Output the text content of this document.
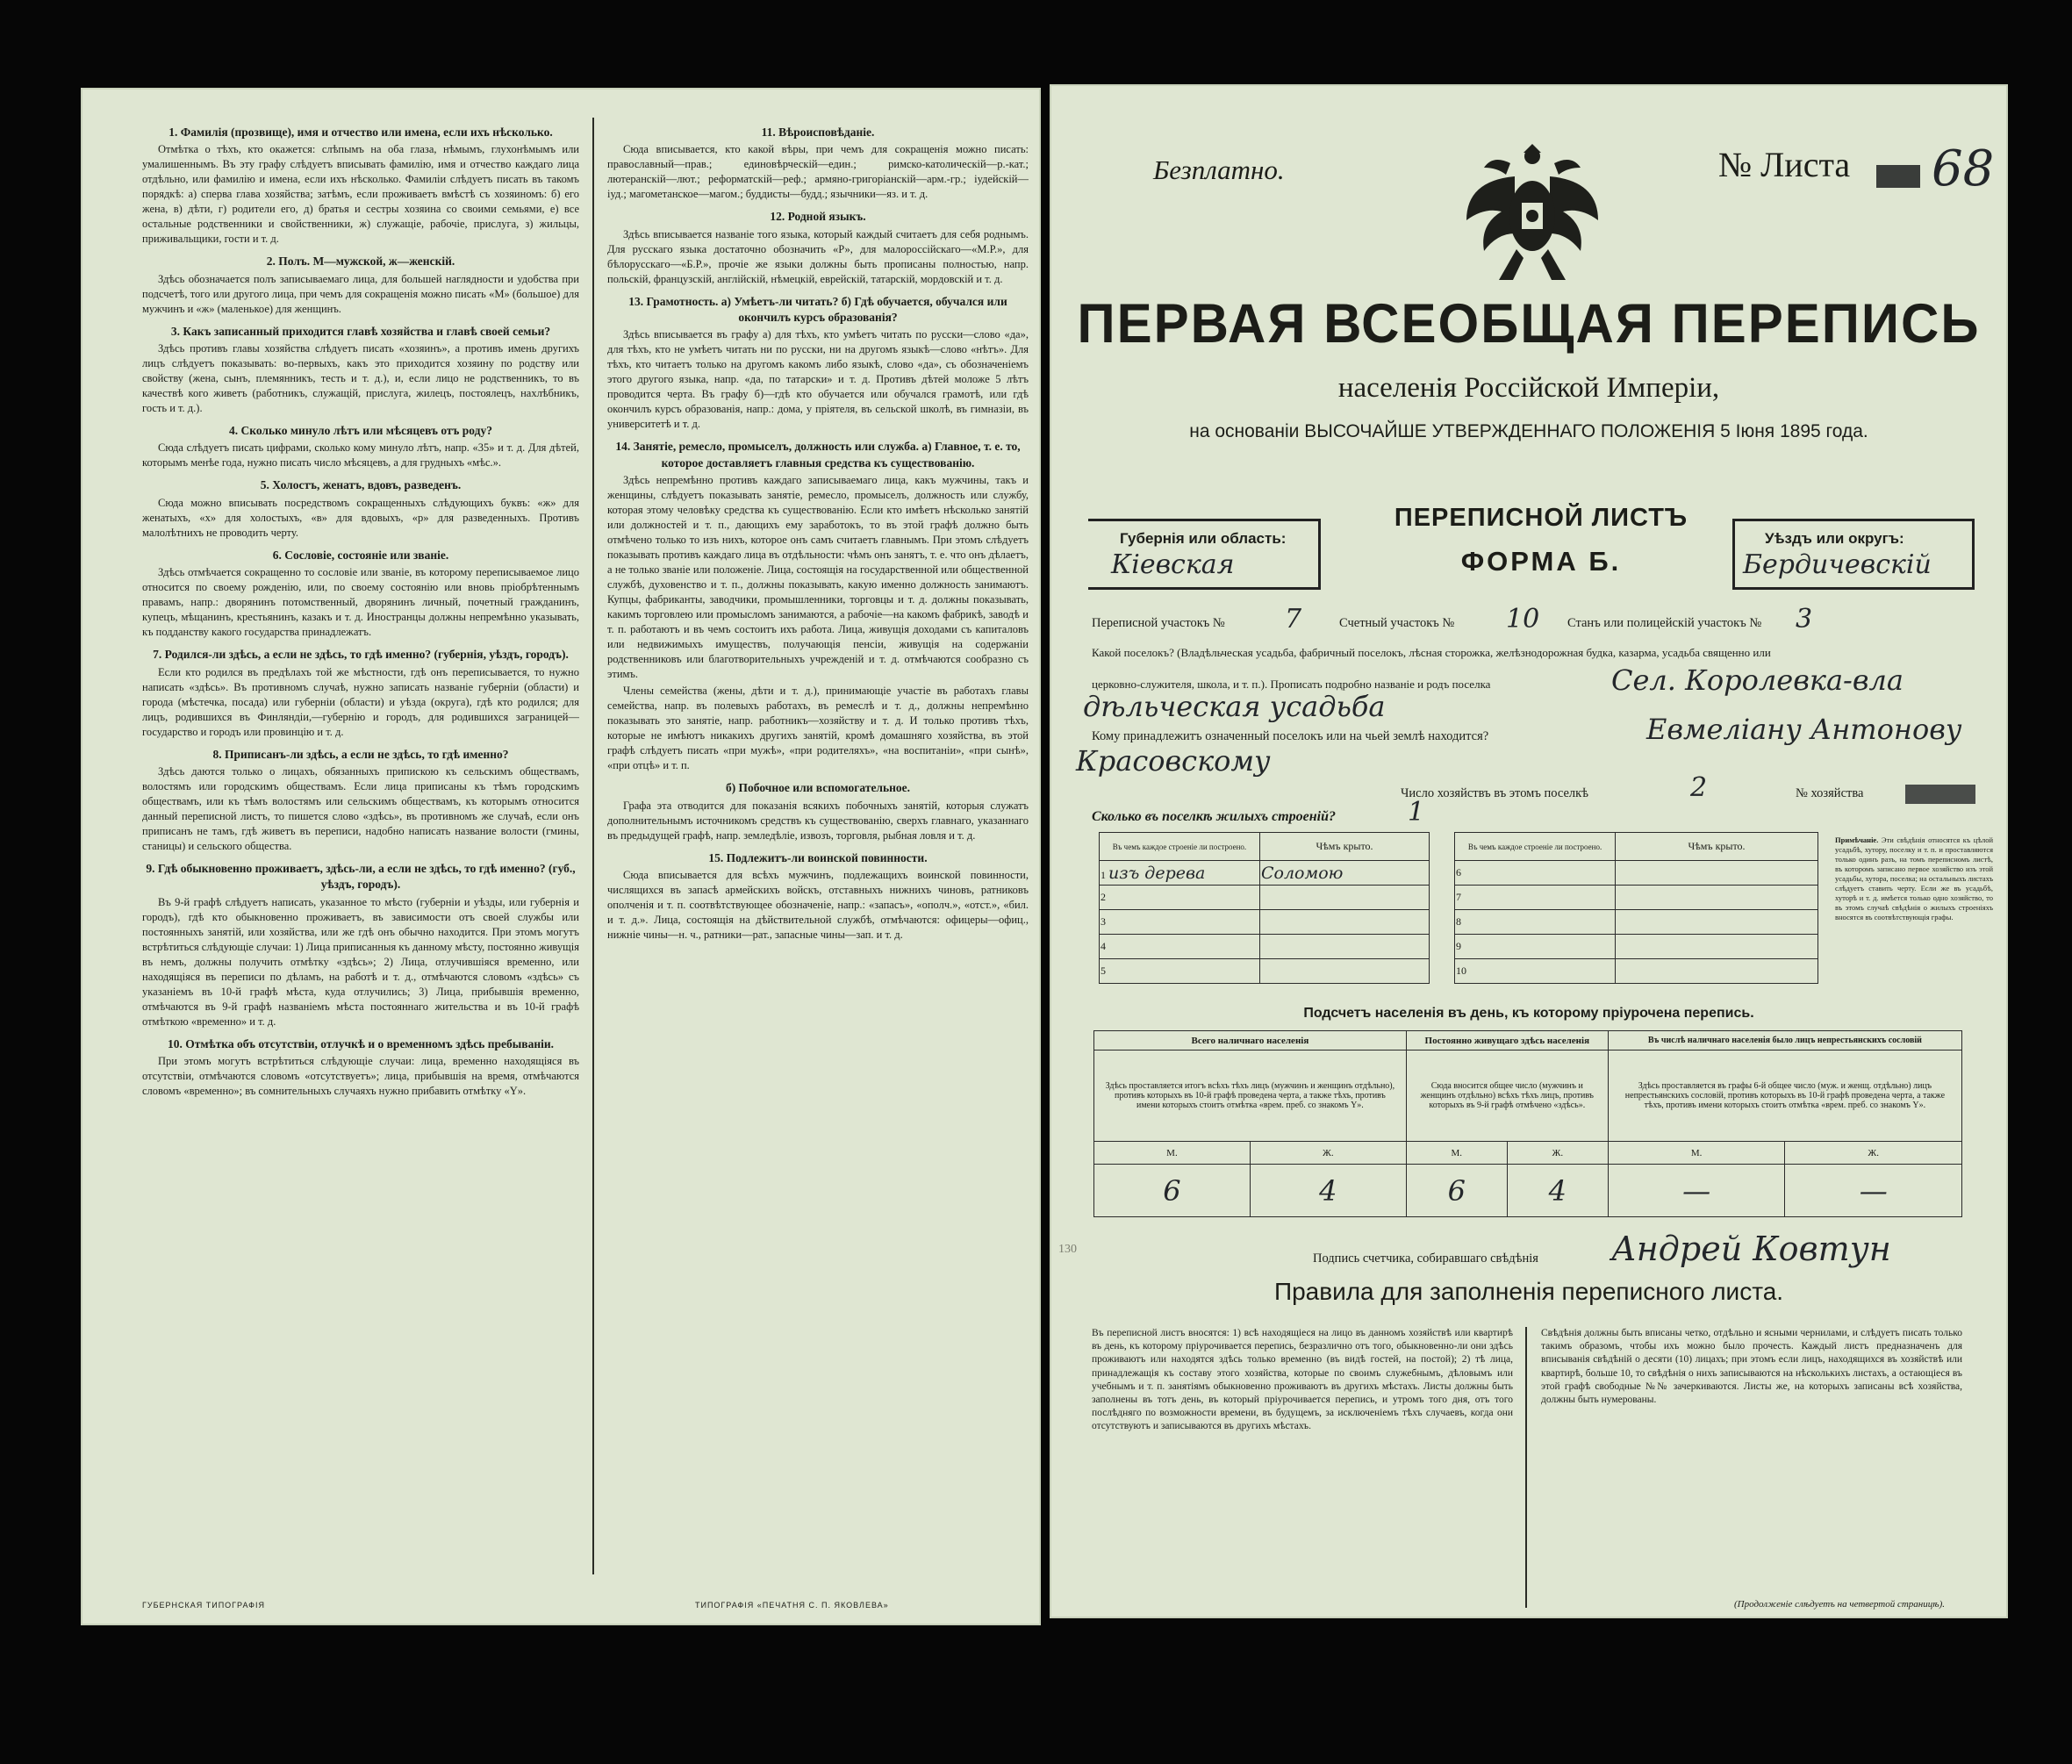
1. Фамилія (прозвище), имя и отчество или имена, если ихъ нѣсколько.
Отмѣтка о тѣхъ, кто окажется: слѣпымъ на оба глаза, нѣмымъ, глухонѣмымъ или умалишеннымъ. Въ эту графу слѣдуетъ вписывать фамилію, имя и отчество каждаго лица отдѣльно, или фамилію и имена, если ихъ нѣсколько. Фамиліи слѣдуетъ писать въ такомъ порядкѣ: а) сперва глава хозяйства; затѣмъ, если проживаетъ вмѣстѣ съ хозяиномъ: б) его жена, в) дѣти, г) родители его, д) братья и сестры хозяина со своими семьями, е) все остальные родственники и свойственники, ж) служащіе, рабочіе, прислуга, з) жильцы, приживальщики, гости и т. д.
2. Полъ. М—мужской, ж—женскій.
Здѣсь обозначается полъ записываемаго лица, для большей наглядности и удобства при подсчетѣ, того или другого лица, при чемъ для сокращенія можно писать «М» (большое) для мужчинъ и «ж» (маленькое) для женщинъ.
3. Какъ записанный приходится главѣ хозяйства и главѣ своей семьи?
Здѣсь противъ главы хозяйства слѣдуетъ писать «хозяинъ», а противъ имень другихъ лицъ слѣдуетъ показывать: во-первыхъ, какъ это приходится хозяину по родству или свойству (жена, сынъ, племянникъ, тесть и т. д.), и, если лицо не родственникъ, то въ качествѣ кого живетъ (работникъ, служащій, прислуга, жилецъ, постоялецъ, нахлѣбникъ, гость и т. д.).
4. Сколько минуло лѣтъ или мѣсяцевъ отъ роду?
Сюда слѣдуетъ писать цифрами, сколько кому минуло лѣтъ, напр. «35» и т. д. Для дѣтей, которымъ менѣе года, нужно писать число мѣсяцевъ, а для грудныхъ «мѣс.».
5. Холостъ, женатъ, вдовъ, разведенъ.
Сюда можно вписывать посредствомъ сокращенныхъ слѣдующихъ буквъ: «ж» для женатыхъ, «х» для холостыхъ, «в» для вдовыхъ, «р» для разведенныхъ. Противъ малолѣтнихъ не проводить черту.
6. Сословіе, состояніе или званіе.
Здѣсь отмѣчается сокращенно то сословіе или званіе, въ которому переписываемое лицо относится по своему рожденію, или, по своему состоянію или вновь пріобрѣтеннымъ правамъ, напр.: дворянинъ потомственный, дворянинъ личный, почетный гражданинъ, купецъ, мѣщанинъ, крестьянинъ, казакъ и т. д. Иностранцы должны непремѣнно указывать, къ подданству какого государства принадлежатъ.
7. Родился-ли здѣсь, а если не здѣсь, то гдѣ именно? (губернія, уѣздъ, городъ).
Если кто родился въ предѣлахъ той же мѣстности, гдѣ онъ переписывается, то нужно написать «здѣсь». Въ противномъ случаѣ, нужно записать названіе губерніи (области) и города (мѣстечка, посада) или губерніи (области) и уѣзда (округа), гдѣ кто родился; для лицъ, родившихся въ Финляндіи,—губернію и городъ, для родившихся заграницей—государство и городъ или провинцію и т. д.
8. Приписанъ-ли здѣсь, а если не здѣсь, то гдѣ именно?
Здѣсь даются только о лицахъ, обязанныхъ припискою къ сельскимъ обществамъ, волостямъ или городскимъ обществамъ. Если лица приписаны къ тѣмъ городскимъ обществамъ, или къ тѣмъ волостямъ или сельскимъ обществамъ, къ которымъ относится данный переписной листъ, то пишется слово «здѣсь», въ противномъ же случаѣ, если онъ приписанъ не тамъ, гдѣ живетъ въ переписи, надобно написать название волости (гмины, станицы) и сельского общества.
9. Гдѣ обыкновенно проживаетъ, здѣсь-ли, а если не здѣсь, то гдѣ именно? (губ., уѣздъ, городъ).
Въ 9-й графѣ слѣдуетъ написать, указанное то мѣсто (губерніи и уѣзды, или губернія и городъ), гдѣ кто обыкновенно проживаетъ, въ зависимости отъ своей службы или постоянныхъ занятій, или хозяйства, или же гдѣ онъ обычно находится. При этомъ могутъ встрѣтиться слѣдующіе случаи: 1) Лица приписанныя къ данному мѣсту, постоянно живущія въ немъ, должны получить отмѣтку «здѣсь»; 2) Лица, отлучившіяся временно, или находящіяся въ переписи по дѣламъ, на работѣ и т. д., отмѣчаются словомъ «здѣсь» съ указаніемъ въ 10-й графѣ мѣста, куда отлучились; 3) Лица, прибывшія временно, отмѣчаются въ 9-й графѣ названіемъ мѣста постояннаго жительства и въ 10-й графѣ отмѣткою «временно» и т. д.
10. Отмѣтка объ отсутствіи, отлучкѣ и о временномъ здѣсь пребываніи.
При этомъ могутъ встрѣтиться слѣдующіе случаи: лица, временно находящіяся въ отсутствіи, отмѣчаются словомъ «отсутствуетъ»; лица, прибывшія на время, отмѣчаются словомъ «временно»; въ сомнительныхъ случаяхъ нужно прибавить отмѣтку «Y».
11. Вѣроисповѣданіе.
Сюда вписывается, кто какой вѣры, при чемъ для сокращенія можно писать: православный—прав.; единовѣрческій—един.; римско-католическій—р.-кат.; лютеранскій—лют.; реформатскій—реф.; армяно-григоріанскій—арм.-гр.; іудейскій—іуд.; магометанское—магом.; буддисты—будд.; язычники—яз. и т. д.
12. Родной языкъ.
Здѣсь вписывается названіе того языка, который каждый считаетъ для себя роднымъ. Для русскаго языка достаточно обозначить «Р», для малороссійскаго—«М.Р.», для бѣлорусскаго—«Б.Р.», прочіе же языки должны быть прописаны полностью, напр. польскій, французскій, англійскій, нѣмецкій, еврейскій, татарскій, мордовскій и т. д.
13. Грамотность. а) Умѣетъ-ли читать? б) Гдѣ обучается, обучался или окончилъ курсъ образованія?
Здѣсь вписывается въ графу а) для тѣхъ, кто умѣетъ читать по русски—слово «да», для тѣхъ, кто не умѣетъ читать ни по русски, ни на другомъ языкѣ—слово «нѣтъ». Для тѣхъ, кто читаетъ только на другомъ какомъ либо языкѣ, слово «да», съ обозначеніемъ этого другого языка, напр. «да, по татарски» и т. д. Противъ дѣтей моложе 5 лѣтъ проводится черта. Въ графу б)—гдѣ кто обучается или обучался грамотѣ, или гдѣ окончилъ курсъ образованія, напр.: дома, у пріятеля, въ сельской школѣ, въ гимназіи, въ университетѣ и т. д.
14. Занятіе, ремесло, промыселъ, должность или служба. а) Главное, т. е. то, которое доставляетъ главныя средства къ существованію.
Здѣсь непремѣнно противъ каждаго записываемаго лица, какъ мужчины, такъ и женщины, слѣдуетъ показывать занятіе, ремесло, промыселъ, должность или службу, которая этому человѣку средства къ существованію. Если кто имѣетъ нѣсколько занятій или должностей и т. п., дающихъ ему заработокъ, то въ этой графѣ должно быть отмѣчено только то изъ нихъ, которое онъ самъ считаетъ главнымъ. При этомъ слѣдуетъ показывать противъ каждаго лица въ отдѣльности: чѣмъ онъ занятъ, т. е. что онъ дѣлаетъ, а не только званіе или положеніе. Лица, состоящія на государственной или общественной службѣ, духовенство и т. п., должны показывать, какую именно должность занимаютъ. Купцы, фабриканты, заводчики, промышленники, торговцы и т. д. должны показывать, какимъ торговлею или промысломъ занимаются, а рабочіе—на какомъ фабрикѣ, заводѣ и т. п. работаютъ и въ чемъ состоитъ ихъ работа. Лица, живущія доходами съ капиталовъ или недвижимыхъ имуществъ, получающія пенсіи, живущія на содержаніи родственниковъ или благотворительныхъ учрежденій и т. д. отмѣчаются сообразно съ этимъ.
Члены семейства (жены, дѣти и т. д.), принимающіе участіе въ работахъ главы семейства, напр. въ полевыхъ работахъ, въ ремеслѣ и т. д., должны непремѣнно показывать это занятіе, напр. работникъ—хозяйству и т. д. И только противъ тѣхъ, которые не имѣютъ никакихъ другихъ занятій, кромѣ домашняго хозяйства, въ этой графѣ слѣдуетъ писать «при мужѣ», «при родителяхъ», «на воспитаніи», «при сынѣ», «при отцѣ» и т. п.
б) Побочное или вспомогательное.
Графа эта отводится для показанія всякихъ побочныхъ занятій, которыя служатъ дополнительнымъ источникомъ средствъ къ существованію, сверхъ главнаго, указаннаго въ предыдущей графѣ, напр. земледѣліе, извозъ, торговля, рыбная ловля и т. д.
15. Подлежитъ-ли воинской повинности.
Сюда вписывается для всѣхъ мужчинъ, подлежащихъ воинской повинности, числящихся въ запасѣ армейскихъ войскъ, отставныхъ нижнихъ чиновъ, ратниковъ ополченія и т. п. соотвѣтствующее обозначеніе, напр.: «запасъ», «ополч.», «отст.», «бил. и т. д.». Лица, состоящія на дѣйствительной службѣ, отмѣчаются: офицеры—офиц., нижніе чины—н. ч., ратники—рат., запасные чины—зап. и т. д.
ГУБЕРНСКАЯ ТИПОГРАФІЯ	ТИПОГРАФІЯ «ПЕЧАТНЯ С. П. ЯКОВЛЕВА»
Безплатно.	№ Листа 68
ПЕРВАЯ ВСЕОБЩАЯ ПЕРЕПИСЬ
населенія Россійской Имперіи,
на основаніи ВЫСОЧАЙШЕ УТВЕРЖДЕННАГО ПОЛОЖЕНІЯ 5 Іюня 1895 года.
Губернія или область:
Кіевская
ПЕРЕПИСНОЙ ЛИСТЪ
ФОРМА Б.
Уѣздъ или округъ:
Бердичевскій
Переписной участокъ № 7	Счетный участокъ № 10 Станъ или полицейскій участокъ № 3
Какой поселокъ? (Владѣльческая усадьба, фабричный поселокъ, лѣсная сторожка, желѣзнодорожная будка, казарма, усадьба священно или
церковно-служителя, школа, и т. п.). Прописать подробно названіе и родъ поселка	Сел. Королевка-вла
дѣльческая усадьба
Кому принадлежитъ означенный поселокъ или на чьей землѣ находится?	Евмеліану Антонову
Красовскому
Число хозяйствъ въ этомъ поселкѣ	2	№ хозяйства
Сколько въ поселкѣ жилыхъ строеній?	1
Въ чемъ каждое строеніе ли построено.	Чѣмъ крыто.		Въ чемъ каждое строеніе ли построено.	Чѣмъ крыто.
1 изъ дерева	Соломою		6	
2			7	
3			8	
4			9	
5			10	
Примѣчаніе. Эти свѣдѣнія относятся къ цѣлой усадьбѣ, хутору, поселку и т. п. и проставляются только одинъ разъ, на томъ переписномъ листѣ, въ которомъ записано первое хозяйство изъ этой усадьбы, хутора, поселка; на остальныхъ листахъ слѣдуетъ ставить черту. Если же въ усадьбѣ, хуторѣ и т. д. имѣется только одно хозяйство, то въ этомъ случаѣ свѣдѣнія о жилыхъ строеніяхъ вносятся въ соотвѣтствующія графы.
Подсчетъ населенія въ день, къ которому пріурочена перепись.
Всего наличнаго населенія		Постоянно живущаго здѣсь населенія		Въ числѣ наличнаго населенія было лицъ непрестьянскихъ сословій	
Здѣсь проставляется итогъ всѣхъ тѣхъ лицъ (мужчинъ и женщинъ отдѣльно), противъ которыхъ въ 10-й графѣ проведена черта, а также тѣхъ, противъ имени которыхъ стоитъ отмѣтка «врем. преб. со знакомъ Y».		Сюда вносится общее число (мужчинъ и женщинъ отдѣльно) всѣхъ тѣхъ лицъ, противъ которыхъ въ 9-й графѣ отмѣчено «здѣсь».		Здѣсь проставляется въ графы 6-й общее число (муж. и женщ. отдѣльно) лицъ непрестьянскихъ сословій, противъ которыхъ въ 10-й графѣ проведена черта, а также тѣхъ, противъ имени которыхъ стоитъ отмѣтка «врем. преб. со знакомъ Y».	
М.	Ж.	М.	Ж.	М.	Ж.
6	4	6	4	—	—
130
Подпись счетчика, собиравшаго свѣдѣнія Андрей Ковтун
Правила для заполненія переписного листа.
Въ переписной листъ вносятся: 1) всѣ находящіеся на лицо въ данномъ хозяйствѣ или квартирѣ въ день, къ которому пріурочивается перепись, безразлично отъ того, обыкновенно-ли они здѣсь проживаютъ или находятся здѣсь только временно (въ видѣ гостей, на постой); 2) тѣ лица, принадлежащія къ составу этого хозяйства, которые по своимъ служебнымъ, дѣловымъ или учебнымъ и т. п. занятіямъ обыкновенно проживаютъ въ другихъ мѣстахъ. Листы должны быть заполнены въ тотъ день, въ который пріурочивается перепись, и утромъ того дня, отъ того послѣдняго по возможности времени, въ будущемъ, за исключеніемъ тѣхъ случаевъ, когда они отсутствуютъ и записываются въ другихъ мѣстахъ.
Свѣдѣнія должны быть вписаны четко, отдѣльно и ясными чернилами, и слѣдуетъ писать только такимъ образомъ, чтобы ихъ можно было прочесть. Каждый листъ предназначенъ для вписыванія свѣдѣній о десяти (10) лицахъ; при этомъ если лицъ, находящихся въ хозяйствѣ или квартирѣ, больше 10, то свѣдѣнія о нихъ записываются на нѣсколькихъ листахъ, а остающіеся въ этой графѣ свободные №№ зачеркиваются. Листы же, на которыхъ записаны всѣ хозяйства, должны быть нумерованы.
(Продолженіе слѣдуетъ на четвертой страницѣ).
